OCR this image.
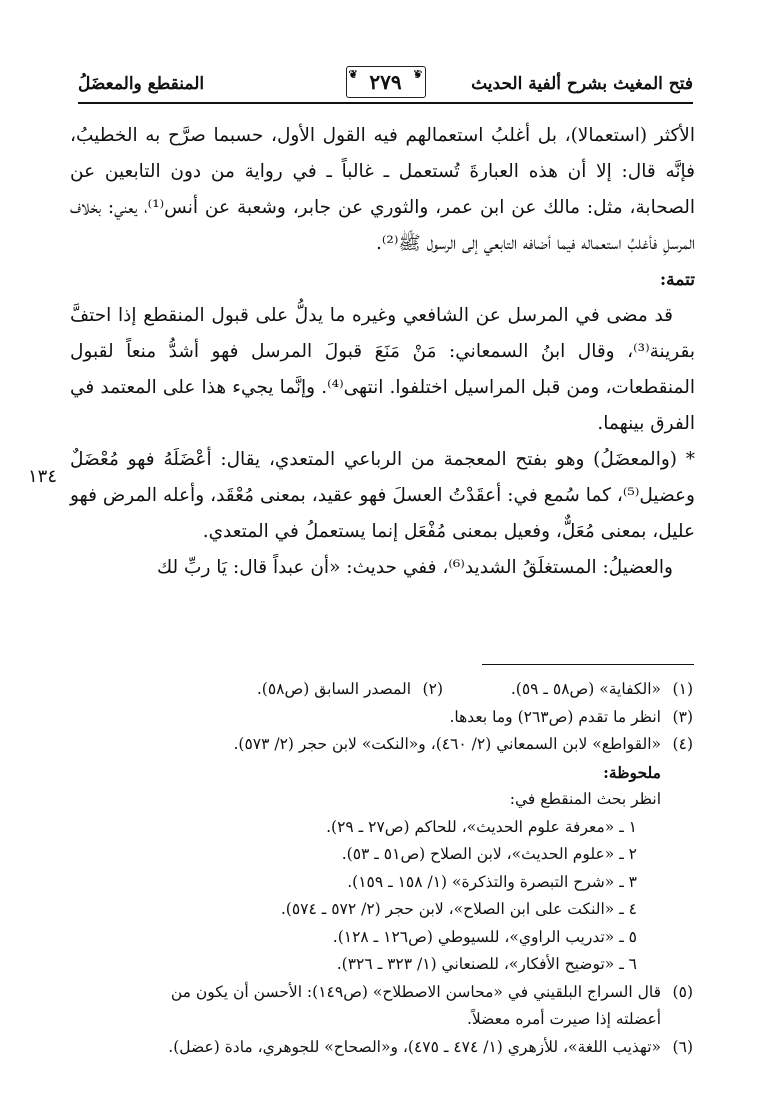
فتح المغيث بشرح ألفية الحديث
❦ ٢٧٩ ❦
المنقطع والمعضَلُ

الأكثر (استعمالا)، بل أغلبُ استعمالهم فيه القول الأول، حسبما صرَّح به الخطيبُ، فإنَّه قال: إلا أن هذه العبارةَ تُستعمل ـ غالباً ـ في رواية من دون التابعين عن الصحابة، مثل: مالك عن ابن عمر، والثوري عن جابر، وشعبة عن أنس⁽¹⁾، يعني: بخلاف المرسلِ فأغلبُ استعماله فيما أضافه التابعي إلى الرسول ﷺ⁽²⁾.

تتمة:

قد مضى في المرسل عن الشافعي وغيره ما يدلُّ على قبول المنقطع إذا احتفَّ بقرينة⁽³⁾، وقال ابنُ السمعاني: مَنْ مَنَعَ قبولَ المرسل فهو أشدُّ منعاً لقبول المنقطعات، ومن قبل المراسيل اختلفوا. انتهى⁽⁴⁾. وإنَّما يجيء هذا على المعتمد في الفرق بينهما.

* (والمعضَلُ) وهو بفتح المعجمة من الرباعي المتعدي، يقال: أعْضَلَهُ فهو مُعْضَلٌ وعضيل⁽⁵⁾، كما سُمع في: أعقَدْتُ العسلَ فهو عقيد، بمعنى مُعْقَد، وأعله المرض فهو عليل، بمعنى مُعَلٌّ، وفعيل بمعنى مُفْعَل إنما يستعملُ في المتعدي.

والعضيلُ: المستغلَقُ الشديد⁽⁶⁾، ففي حديث: «أن عبداً قال: يَا ربِّ لك

١٣٤
(١)
«الكفاية» (ص٥٨ ـ ٥٩).
(٢)
المصدر السابق (ص٥٨).
(٣)
انظر ما تقدم (ص٢٦٣) وما بعدها.
(٤)
«القواطع» لابن السمعاني (٢/ ٤٦٠)، و«النكت» لابن حجر (٢/ ٥٧٣).
ملحوظة:
انظر بحث المنقطع في:
١ ـ «معرفة علوم الحديث»، للحاكم (ص٢٧ ـ ٢٩).
٢ ـ «علوم الحديث»، لابن الصلاح (ص٥١ ـ ٥٣).
٣ ـ «شرح التبصرة والتذكرة» (١/ ١٥٨ ـ ١٥٩).
٤ ـ «النكت على ابن الصلاح»، لابن حجر (٢/ ٥٧٢ ـ ٥٧٤).
٥ ـ «تدريب الراوي»، للسيوطي (ص١٢٦ ـ ١٢٨).
٦ ـ «توضيح الأفكار»، للصنعاني (١/ ٣٢٣ ـ ٣٢٦).
(٥)
قال السراج البلقيني في «محاسن الاصطلاح» (ص١٤٩): الأحسن أن يكون من
أعضلته إذا صيرت أمره معضلاً.
(٦)
«تهذيب اللغة»، للأزهري (١/ ٤٧٤ ـ ٤٧٥)، و«الصحاح» للجوهري، مادة (عضل).
